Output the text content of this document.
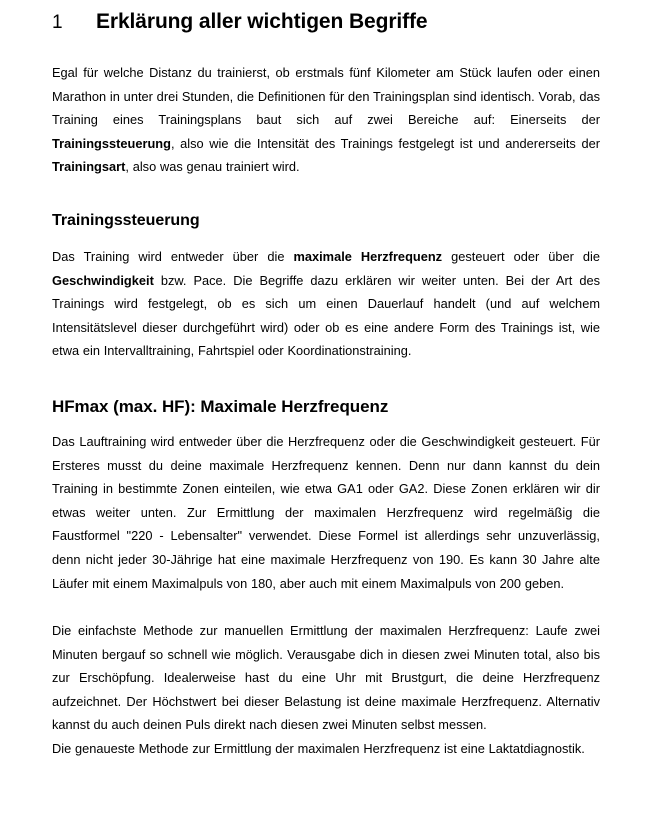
1	Erklärung aller wichtigen Begriffe

Egal für welche Distanz du trainierst, ob erstmals fünf Kilometer am Stück laufen oder einen Marathon in unter drei Stunden, die Definitionen für den Trainingsplan sind identisch. Vorab, das Training eines Trainingsplans baut sich auf zwei Bereiche auf: Einerseits der Trainingssteuerung, also wie die Intensität des Trainings festgelegt ist und andererseits der Trainingsart, also was genau trainiert wird.

Trainingssteuerung

Das Training wird entweder über die maximale Herzfrequenz gesteuert oder über die Geschwindigkeit bzw. Pace. Die Begriffe dazu erklären wir weiter unten. Bei der Art des Trainings wird festgelegt, ob es sich um einen Dauerlauf handelt (und auf welchem Intensitätslevel dieser durchgeführt wird) oder ob es eine andere Form des Trainings ist, wie etwa ein Intervalltraining, Fahrtspiel oder Koordinationstraining.

HFmax (max. HF): Maximale Herzfrequenz

Das Lauftraining wird entweder über die Herzfrequenz oder die Geschwindigkeit gesteuert. Für Ersteres musst du deine maximale Herzfrequenz kennen. Denn nur dann kannst du dein Training in bestimmte Zonen einteilen, wie etwa GA1 oder GA2. Diese Zonen erklären wir dir etwas weiter unten. Zur Ermittlung der maximalen Herzfrequenz wird regelmäßig die Faustformel "220 - Lebensalter" verwendet. Diese Formel ist allerdings sehr unzuverlässig, denn nicht jeder 30-Jährige hat eine maximale Herzfrequenz von 190. Es kann 30 Jahre alte Läufer mit einem Maximalpuls von 180, aber auch mit einem Maximalpuls von 200 geben.

Die einfachste Methode zur manuellen Ermittlung der maximalen Herzfrequenz: Laufe zwei Minuten bergauf so schnell wie möglich. Verausgabe dich in diesen zwei Minuten total, also bis zur Erschöpfung. Idealerweise hast du eine Uhr mit Brustgurt, die deine Herzfrequenz aufzeichnet. Der Höchstwert bei dieser Belastung ist deine maximale Herzfrequenz. Alternativ kannst du auch deinen Puls direkt nach diesen zwei Minuten selbst messen.

Die genaueste Methode zur Ermittlung der maximalen Herzfrequenz ist eine Laktatdiagnostik.
